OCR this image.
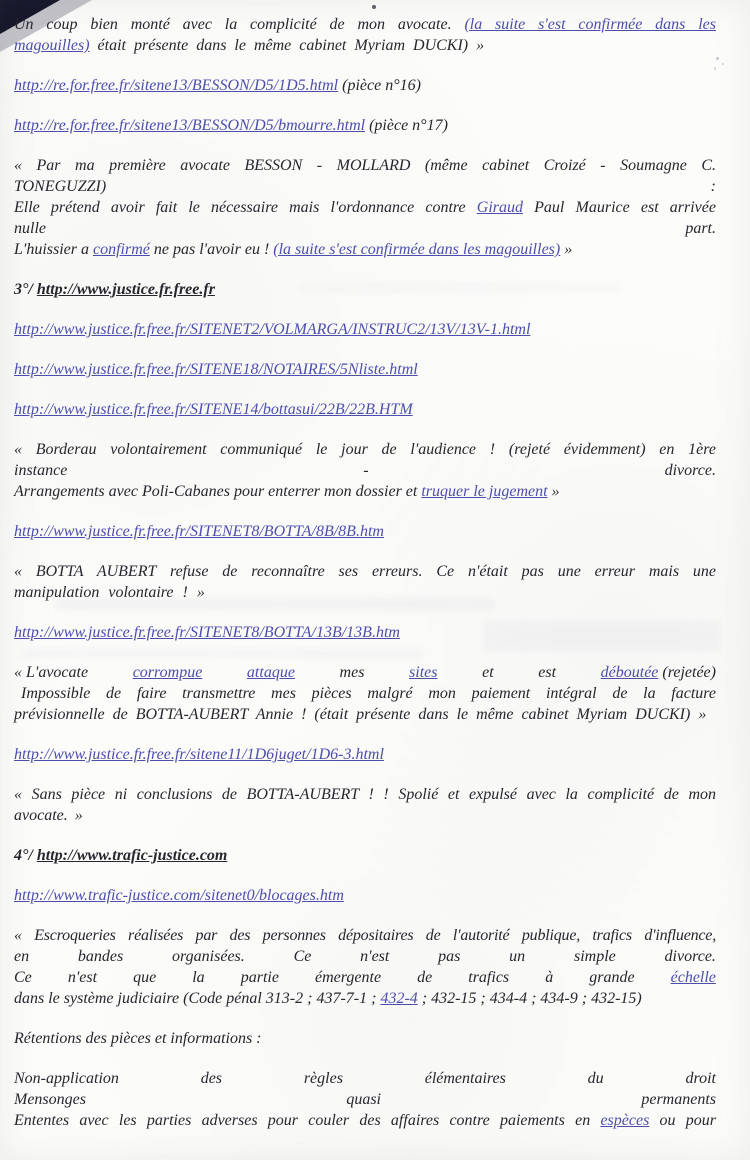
Un coup bien monté avec la complicité de mon avocate. (la suite s'est confirmée dans les magouilles) était présente dans le même cabinet Myriam DUCKI) »
http://re.for.free.fr/sitene13/BESSON/D5/1D5.html (pièce n°16)
http://re.for.free.fr/sitene13/BESSON/D5/bmourre.html (pièce n°17)
« Par ma première avocate BESSON - MOLLARD (même cabinet Croizé - Soumagne C.
TONEGUZZI)	:
Elle prétend avoir fait le nécessaire mais l'ordonnance contre Giraud Paul Maurice est arrivée
nulle	part.
L'huissier a confirmé ne pas l'avoir eu ! (la suite s'est confirmée dans les magouilles) »
3°/ http://www.justice.fr.free.fr
http://www.justice.fr.free.fr/SITENET2/VOLMARGA/INSTRUC2/13V/13V-1.html
http://www.justice.fr.free.fr/SITENE18/NOTAIRES/5Nliste.html
http://www.justice.fr.free.fr/SITENE14/bottasui/22B/22B.HTM
« Borderau volontairement communiqué le jour de l'audience ! (rejeté évidemment) en 1ère
instance	-	divorce.
Arrangements avec Poli-Cabanes pour enterrer mon dossier et truquer le jugement »
http://www.justice.fr.free.fr/SITENET8/BOTTA/8B/8B.htm
« BOTTA AUBERT refuse de reconnaître ses erreurs. Ce n'était pas une erreur mais une manipulation volontaire ! »
http://www.justice.fr.free.fr/SITENET8/BOTTA/13B/13B.htm
« L'avocate	corrompue	attaque	mes	sites	et	est	déboutée (rejetée)
Impossible de faire transmettre mes pièces malgré mon paiement intégral de la facture prévisionnelle de BOTTA-AUBERT Annie ! (était présente dans le même cabinet Myriam DUCKI) »
http://www.justice.fr.free.fr/sitene11/1D6juget/1D6-3.html
« Sans pièce ni conclusions de BOTTA-AUBERT ! ! Spolié et expulsé avec la complicité de mon avocate. »
4°/ http://www.trafic-justice.com
http://www.trafic-justice.com/sitenet0/blocages.htm
« Escroqueries réalisées par des personnes dépositaires de l'autorité publique, trafics d'influence,
en	bandes	organisées.	Ce	n'est	pas	un	simple	divorce.
Ce n'est que la partie émergente de trafics à grande échelle
dans le système judiciaire (Code pénal 313-2 ; 437-7-1 ; 432-4 ; 432-15 ; 434-4 ; 434-9 ; 432-15)
Rétentions des pièces et informations :
Non-application	des	règles	élémentaires	du	droit
Mensonges	quasi	permanents
Ententes avec les parties adverses pour couler des affaires contre paiements en espèces ou pour
